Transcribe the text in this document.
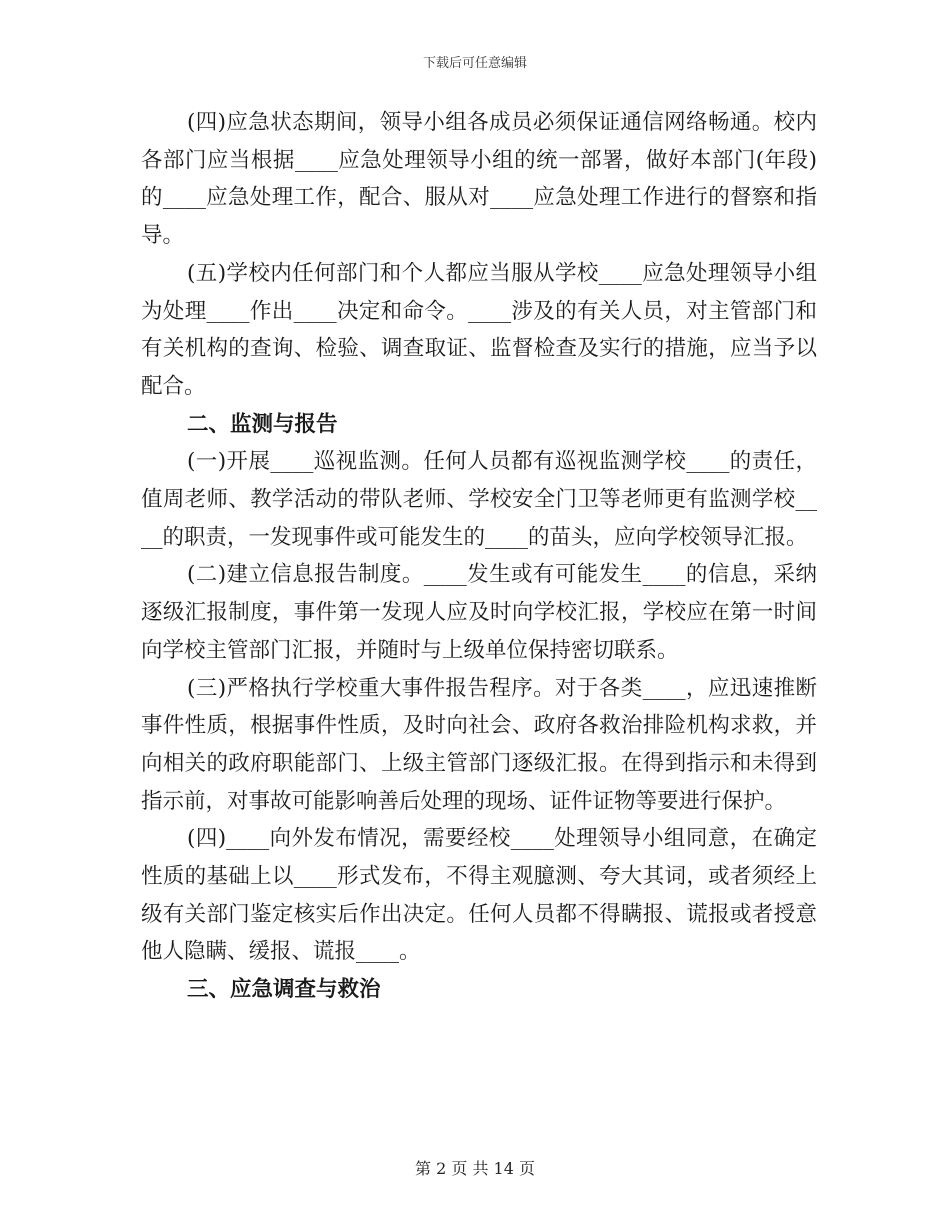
下载后可任意编辑

(四)应急状态期间，领导小组各成员必须保证通信网络畅通。校内各部门应当根据____应急处理领导小组的统一部署，做好本部门(年段)的____应急处理工作，配合、服从对____应急处理工作进行的督察和指导。

(五)学校内任何部门和个人都应当服从学校____应急处理领导小组为处理____作出____决定和命令。____涉及的有关人员，对主管部门和有关机构的查询、检验、调查取证、监督检查及实行的措施，应当予以配合。

二、监测与报告

(一)开展____巡视监测。任何人员都有巡视监测学校____的责任，值周老师、教学活动的带队老师、学校安全门卫等老师更有监测学校____的职责，一发现事件或可能发生的____的苗头，应向学校领导汇报。

(二)建立信息报告制度。____发生或有可能发生____的信息，采纳逐级汇报制度，事件第一发现人应及时向学校汇报，学校应在第一时间向学校主管部门汇报，并随时与上级单位保持密切联系。

(三)严格执行学校重大事件报告程序。对于各类____，应迅速推断事件性质，根据事件性质，及时向社会、政府各救治排险机构求救，并向相关的政府职能部门、上级主管部门逐级汇报。在得到指示和未得到指示前，对事故可能影响善后处理的现场、证件证物等要进行保护。

(四)____向外发布情况，需要经校____处理领导小组同意，在确定性质的基础上以____形式发布，不得主观臆测、夸大其词，或者须经上级有关部门鉴定核实后作出决定。任何人员都不得瞒报、谎报或者授意他人隐瞒、缓报、谎报____。

三、应急调查与救治

第 2 页 共 14 页
